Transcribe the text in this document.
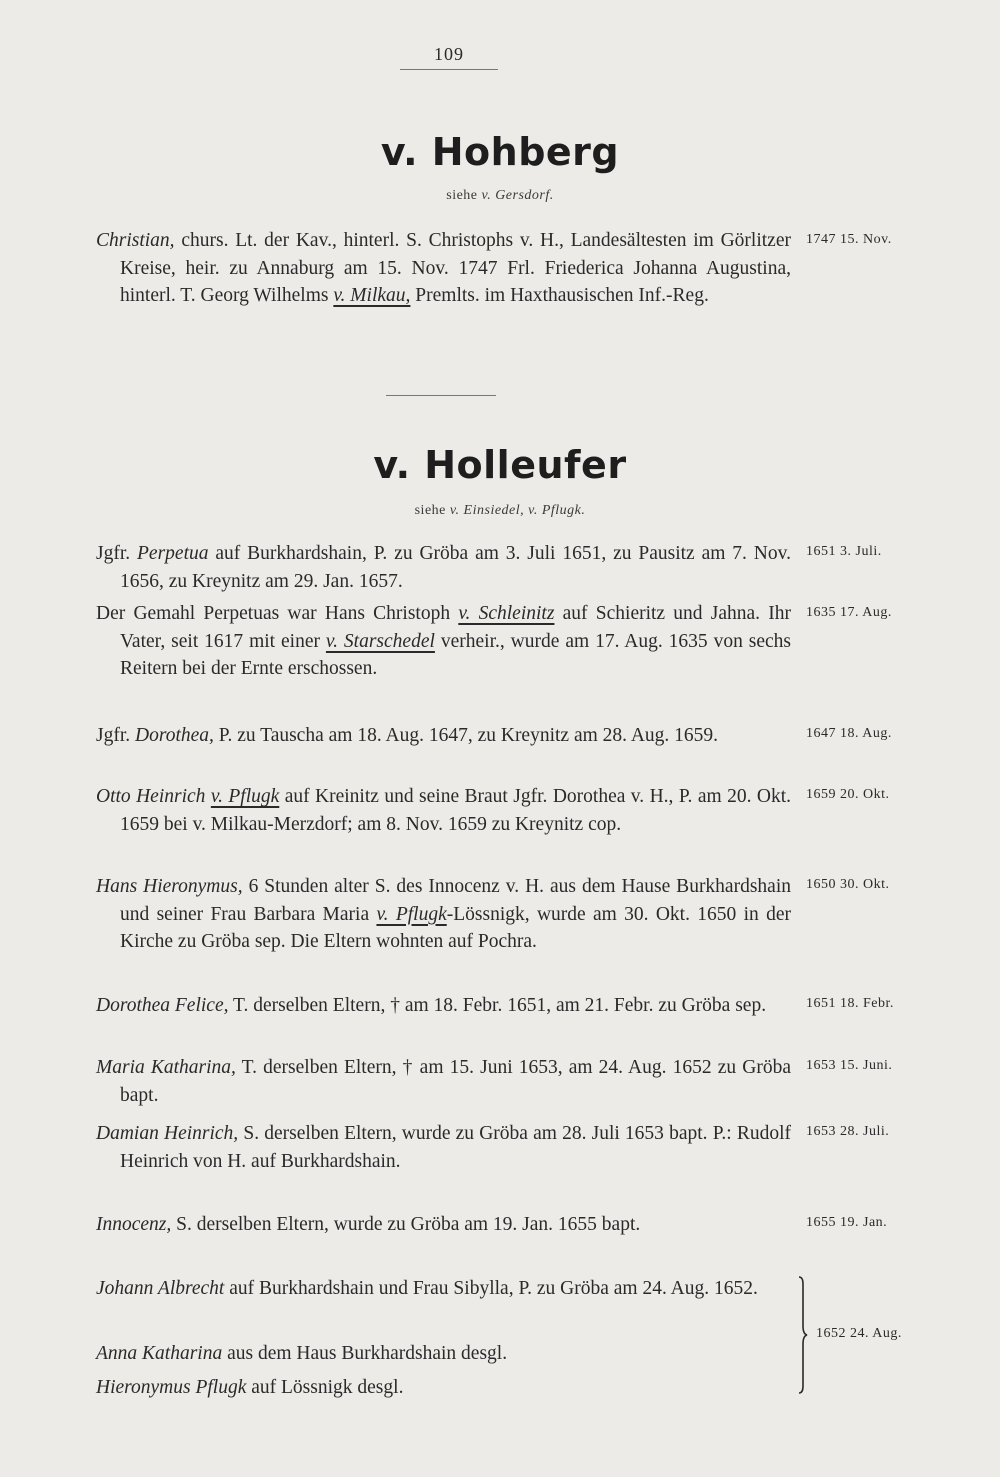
109
v. Hohberg
siehe v. Gersdorf.
Christian, churs. Lt. der Kav., hinterl. S. Christophs v. H., Landesältesten im Görlitzer Kreise, heir. zu Annaburg am 15. Nov. 1747 Frl. Friederica Johanna Augustina, hinterl. T. Georg Wilhelms v. Milkau, Premlts. im Haxthausischen Inf.-Reg.
1747 15. Nov.
v. Holleufer
siehe v. Einsiedel, v. Pflugk.
Jgfr. Perpetua auf Burkhardshain, P. zu Gröba am 3. Juli 1651, zu Pausitz am 7. Nov. 1656, zu Kreynitz am 29. Jan. 1657.
1651 3. Juli.
Der Gemahl Perpetuas war Hans Christoph v. Schleinitz auf Schieritz und Jahna. Ihr Vater, seit 1617 mit einer v. Starschedel verheir., wurde am 17. Aug. 1635 von sechs Reitern bei der Ernte erschossen.
1635 17. Aug.
Jgfr. Dorothea, P. zu Tauscha am 18. Aug. 1647, zu Kreynitz am 28. Aug. 1659.	1647 18. Aug.
Otto Heinrich v. Pflugk auf Kreinitz und seine Braut Jgfr. Dorothea v. H., P. am 20. Okt. 1659 bei v. Milkau-Merzdorf; am 8. Nov. 1659 zu Kreynitz cop.
1659 20. Okt.
Hans Hieronymus, 6 Stunden alter S. des Innocenz v. H. aus dem Hause Burkhardshain und seiner Frau Barbara Maria v. Pflugk-Lössnigk, wurde am 30. Okt. 1650 in der Kirche zu Gröba sep. Die Eltern wohnten auf Pochra.
1650 30. Okt.
Dorothea Felice, T. derselben Eltern, † am 18. Febr. 1651, am 21. Febr. zu Gröba sep.	1651 18. Febr.
Maria Katharina, T. derselben Eltern, † am 15. Juni 1653, am 24. Aug. 1652 zu Gröba bapt.
1653 15. Juni.
Damian Heinrich, S. derselben Eltern, wurde zu Gröba am 28. Juli 1653 bapt. P.: Rudolf Heinrich von H. auf Burkhardshain.
1653 28. Juli.
Innocenz, S. derselben Eltern, wurde zu Gröba am 19. Jan. 1655 bapt.	1655 19. Jan.
Johann Albrecht auf Burkhardshain und Frau Sibylla, P. zu Gröba am 24. Aug. 1652.
Anna Katharina aus dem Haus Burkhardshain desgl.
Hieronymus Pflugk auf Lössnigk desgl.
1652 24. Aug.
